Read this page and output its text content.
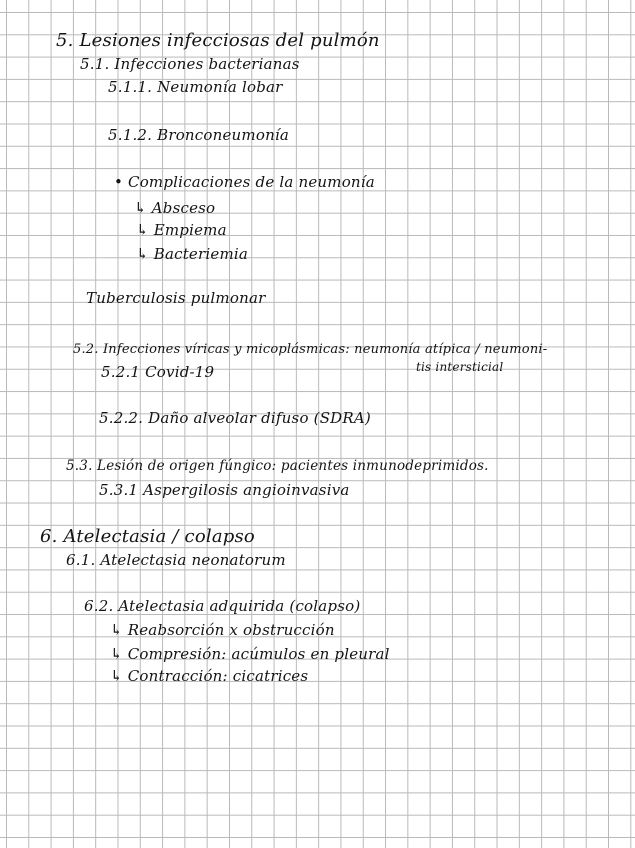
5. Lesiones infecciosas del pulmón
5.1. Infecciones bacterianas
5.1.1. Neumonía lobar
5.1.2. Bronconeumonía
• Complicaciones de la neumonía
↳ Absceso
↳ Empiema
↳ Bacteriemia
Tuberculosis pulmonar
5.2. Infecciones víricas y micoplásmicas: neumonía atípica / neumoni-
tis intersticial
5.2.1 Covid-19
5.2.2. Daño alveolar difuso (SDRA)
5.3. Lesión de origen fúngico: pacientes inmunodeprimidos.
5.3.1 Aspergilosis angioinvasiva
6. Atelectasia / colapso
6.1. Atelectasia neonatorum
6.2. Atelectasia adquirida (colapso)
↳ Reabsorción x obstrucción
↳ Compresión: acúmulos en pleural
↳ Contracción: cicatrices
